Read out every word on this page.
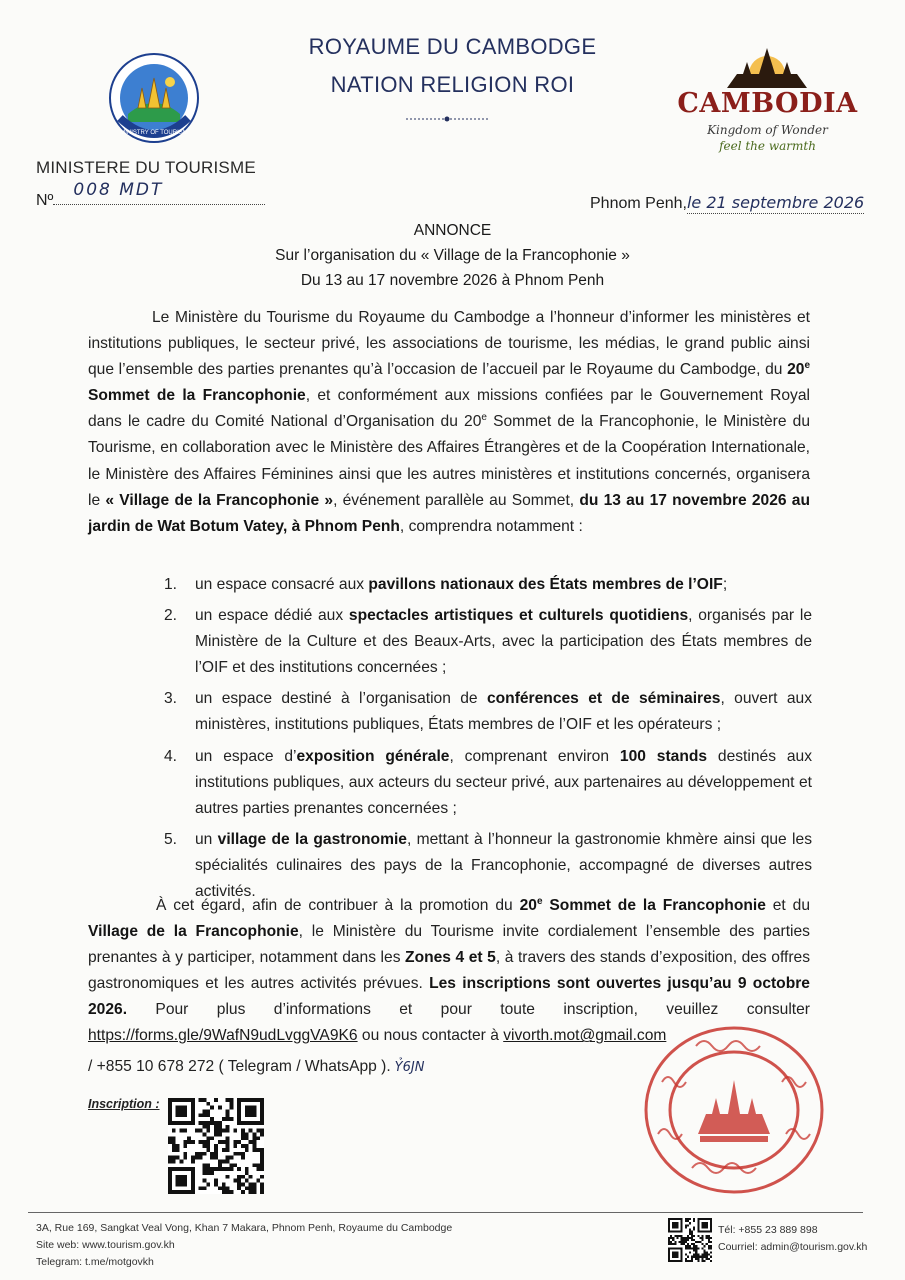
ROYAUME DU CAMBODGE
NATION RELIGION ROI
MINISTRY OF TOURISM
MINISTERE DU TOURISME
Nº
008 MDT
CAMBODIA
Kingdom of Wonder
feel the warmth
Phnom Penh,le 21 septembre 2026
ANNONCE
Sur l’organisation du « Village de la Francophonie »
Du 13 au 17 novembre 2026 à Phnom Penh
Le Ministère du Tourisme du Royaume du Cambodge a l’honneur d’informer les ministères et institutions publiques, le secteur privé, les associations de tourisme, les médias, le grand public ainsi que l’ensemble des parties prenantes qu’à l’occasion de l’accueil par le Royaume du Cambodge, du 20e Sommet de la Francophonie, et conformément aux missions confiées par le Gouvernement Royal dans le cadre du Comité National d’Organisation du 20e Sommet de la Francophonie, le Ministère du Tourisme, en collaboration avec le Ministère des Affaires Étrangères et de la Coopération Internationale, le Ministère des Affaires Féminines ainsi que les autres ministères et institutions concernés, organisera le « Village de la Francophonie », événement parallèle au Sommet, du 13 au 17 novembre 2026 au jardin de Wat Botum Vatey, à Phnom Penh, comprendra notamment :
1. un espace consacré aux pavillons nationaux des États membres de l’OIF;
2. un espace dédié aux spectacles artistiques et culturels quotidiens, organisés par le Ministère de la Culture et des Beaux-Arts, avec la participation des États membres de l’OIF et des institutions concernées ;
3. un espace destiné à l’organisation de conférences et de séminaires, ouvert aux ministères, institutions publiques, États membres de l’OIF et les opérateurs ;
4. un espace d’exposition générale, comprenant environ 100 stands destinés aux institutions publiques, aux acteurs du secteur privé, aux partenaires au développement et autres parties prenantes concernées ;
5. un village de la gastronomie, mettant à l’honneur la gastronomie khmère ainsi que les spécialités culinaires des pays de la Francophonie, accompagné de diverses autres activités.
À cet égard, afin de contribuer à la promotion du 20e Sommet de la Francophonie et du Village de la Francophonie, le Ministère du Tourisme invite cordialement l’ensemble des parties prenantes à y participer, notamment dans les Zones 4 et 5, à travers des stands d’exposition, des offres gastronomiques et les autres activités prévues. Les inscriptions sont ouvertes jusqu’au 9 octobre 2026. Pour plus d’informations et pour toute inscription, veuillez consulter https://forms.gle/9WafN9udLvggVA9K6 ou nous contacter à vivorth.mot@gmail.com
/ +855 10 678 272 ( Telegram / WhatsApp ). Ỷ6JN
Inscription :
3A, Rue 169, Sangkat Veal Vong, Khan 7 Makara, Phnom Penh, Royaume du Cambodge
Site web: www.tourism.gov.kh
Telegram: t.me/motgovkh
Tél: +855 23 889 898
Courriel: admin@tourism.gov.kh
